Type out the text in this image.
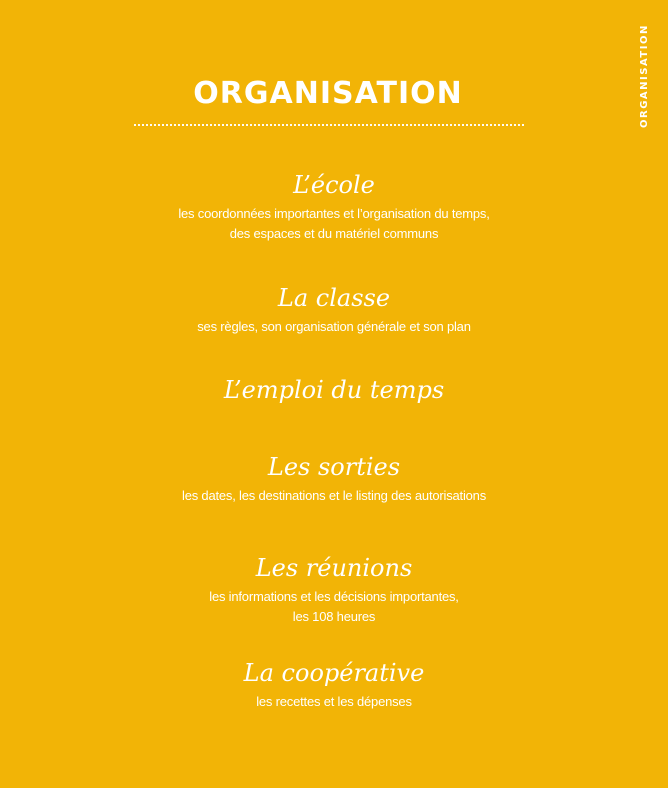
ORGANISATION	ORGANISATION
L’école

les coordonnées importantes et l’organisation du temps,
des espaces et du matériel communs

La classe

ses règles, son organisation générale et son plan

L’emploi du temps
Les sorties

les dates, les destinations et le listing des autorisations

Les réunions

les informations et les décisions importantes,
les 108 heures

La coopérative

les recettes et les dépenses
